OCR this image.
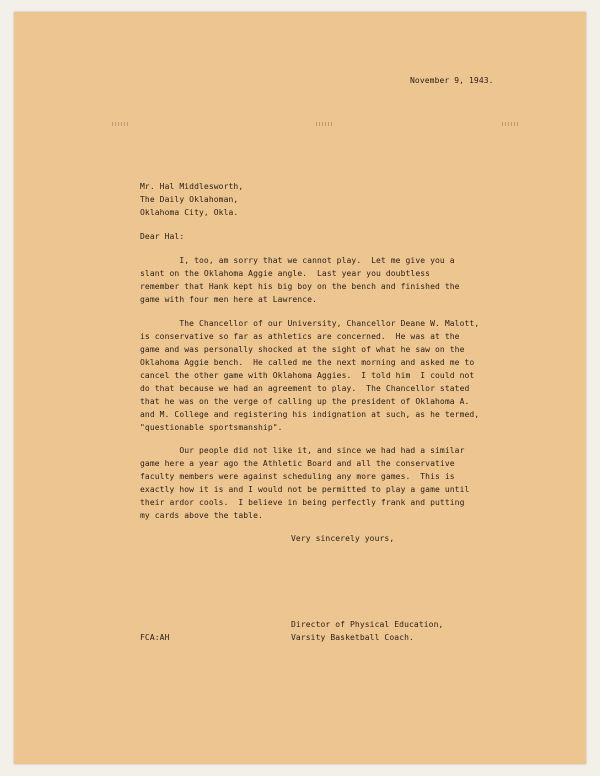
November 9, 1943.
Mr. Hal Middlesworth,
The Daily Oklahoman,
Oklahoma City, Okla.
Dear Hal:
I, too, am sorry that we cannot play.  Let me give you a
slant on the Oklahoma Aggie angle.  Last year you doubtless
remember that Hank kept his big boy on the bench and finished the
game with four men here at Lawrence.
The Chancellor of our University, Chancellor Deane W. Malott,
is conservative so far as athletics are concerned.  He was at the
game and was personally shocked at the sight of what he saw on the
Oklahoma Aggie bench.  He called me the next morning and asked me to
cancel the other game with Oklahoma Aggies.  I told him  I could not
do that because we had an agreement to play.  The Chancellor stated
that he was on the verge of calling up the president of Oklahoma A.
and M. College and registering his indignation at such, as he termed,
"questionable sportsmanship".
Our people did not like it, and since we had had a similar
game here a year ago the Athletic Board and all the conservative
faculty members were against scheduling any more games.  This is
exactly how it is and I would not be permitted to play a game until
their ardor cools.  I believe in being perfectly frank and putting
my cards above the table.
Very sincerely yours,
Director of Physical Education,
Varsity Basketball Coach.
FCA:AH
